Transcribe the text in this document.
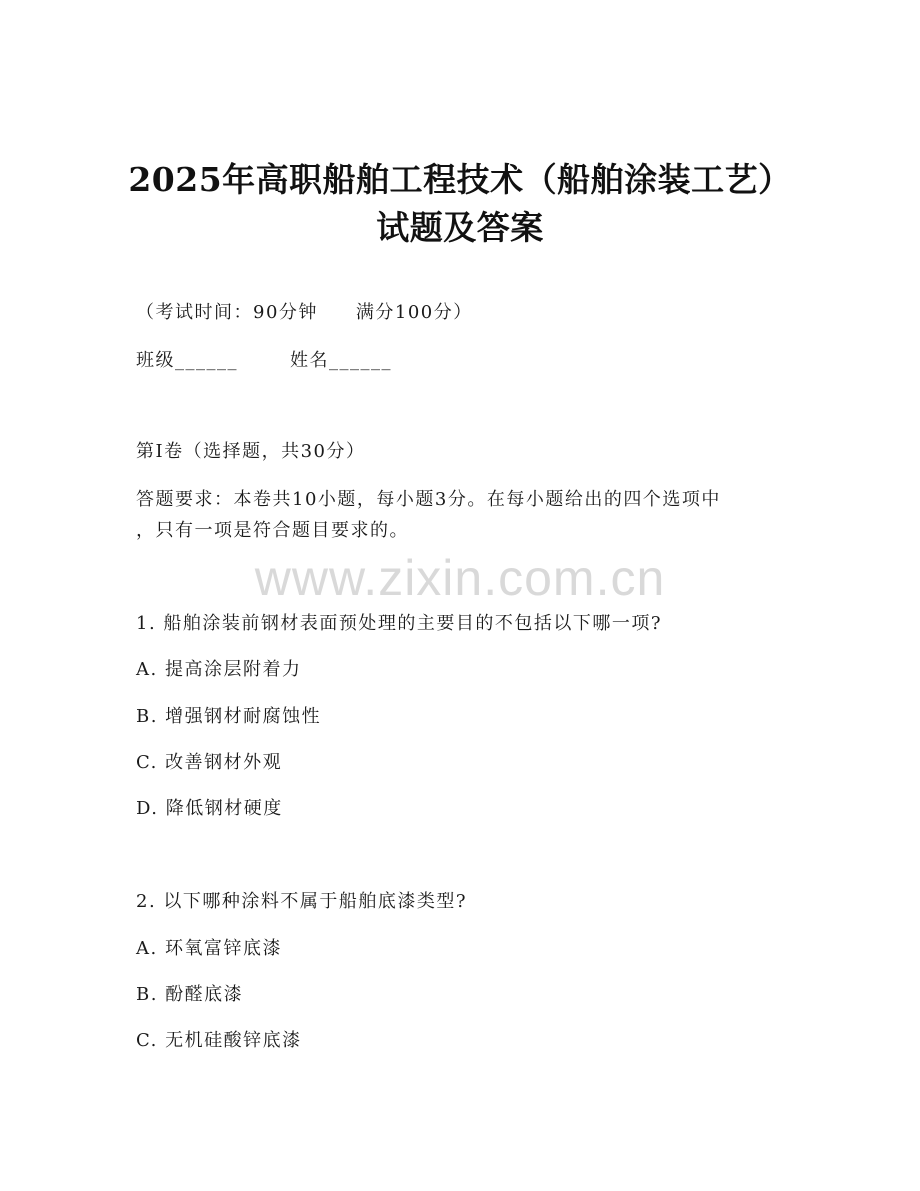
2025年高职船舶工程技术（船舶涂装工艺）
试题及答案
（考试时间：90分钟 满分100分）
班级______	姓名______
第I卷（选择题，共30分）
答题要求：本卷共10小题，每小题3分。在每小题给出的四个选项中
，只有一项是符合题目要求的。
www.zixin.com.cn
1. 船舶涂装前钢材表面预处理的主要目的不包括以下哪一项?
A. 提高涂层附着力
B. 增强钢材耐腐蚀性
C. 改善钢材外观
D. 降低钢材硬度
2. 以下哪种涂料不属于船舶底漆类型?
A. 环氧富锌底漆
B. 酚醛底漆
C. 无机硅酸锌底漆
